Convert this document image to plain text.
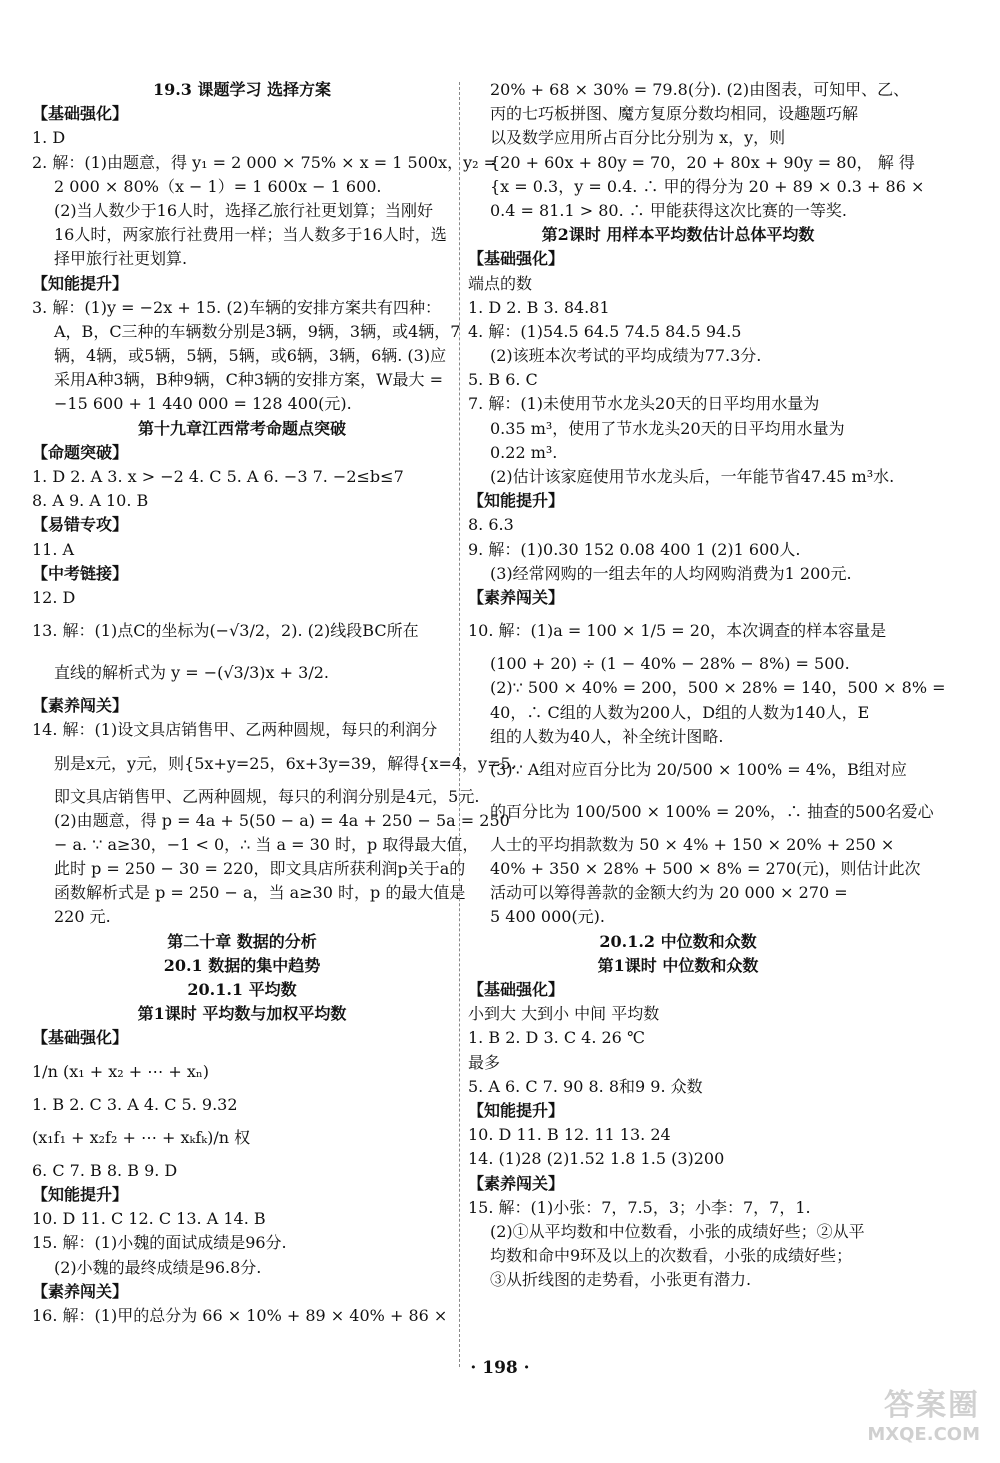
19.3 课题学习 选择方案
【基础强化】
1. D
2. 解：(1)由题意，得 y₁ = 2 000 × 75% × x = 1 500x，y₂ =
2 000 × 80%（x − 1）= 1 600x − 1 600.
(2)当人数少于16人时，选择乙旅行社更划算；当刚好
16人时，两家旅行社费用一样；当人数多于16人时，选
择甲旅行社更划算.
【知能提升】
3. 解：(1)y = −2x + 15. (2)车辆的安排方案共有四种：
A，B，C三种的车辆数分别是3辆，9辆，3辆，或4辆，7
辆，4辆，或5辆，5辆，5辆，或6辆，3辆，6辆. (3)应
采用A种3辆，B种9辆，C种3辆的安排方案，W最大 =
−15 600 + 1 440 000 = 128 400(元).
第十九章江西常考命题点突破
【命题突破】
1. D 2. A 3. x > −2 4. C 5. A 6. −3 7. −2≤b≤7
8. A 9. A 10. B
【易错专攻】
11. A
【中考链接】
12. D
13. 解：(1)点C的坐标为(−√3/2，2). (2)线段BC所在
直线的解析式为 y = −(√3/3)x + 3/2.
【素养闯关】
14. 解：(1)设文具店销售甲、乙两种圆规，每只的利润分
别是x元，y元，则{5x+y=25，6x+3y=39，解得{x=4，y=5.
即文具店销售甲、乙两种圆规，每只的利润分别是4元，5元.
(2)由题意，得 p = 4a + 5(50 − a) = 4a + 250 − 5a = 250
− a. ∵ a≥30，−1 < 0，∴ 当 a = 30 时，p 取得最大值，
此时 p = 250 − 30 = 220，即文具店所获利润p关于a的
函数解析式是 p = 250 − a，当 a≥30 时，p 的最大值是
220 元.
第二十章 数据的分析
20.1 数据的集中趋势
20.1.1 平均数
第1课时 平均数与加权平均数
【基础强化】
1/n (x₁ + x₂ + ⋯ + xₙ)
1. B 2. C 3. A 4. C 5. 9.32
(x₁f₁ + x₂f₂ + ⋯ + xₖfₖ)/n 权
6. C 7. B 8. B 9. D
【知能提升】
10. D 11. C 12. C 13. A 14. B
15. 解：(1)小魏的面试成绩是96分.
(2)小魏的最终成绩是96.8分.
【素养闯关】
16. 解：(1)甲的总分为 66 × 10% + 89 × 40% + 86 ×
20% + 68 × 30% = 79.8(分). (2)由图表，可知甲、乙、
丙的七巧板拼图、魔方复原分数均相同，设趣题巧解
以及数学应用所占百分比分别为 x，y，则
{20 + 60x + 80y = 70，20 + 80x + 90y = 80， 解 得
{x = 0.3，y = 0.4. ∴ 甲的得分为 20 + 89 × 0.3 + 86 ×
0.4 = 81.1 > 80. ∴ 甲能获得这次比赛的一等奖.
第2课时 用样本平均数估计总体平均数
【基础强化】
端点的数
1. D 2. B 3. 84.81
4. 解：(1)54.5 64.5 74.5 84.5 94.5
(2)该班本次考试的平均成绩为77.3分.
5. B 6. C
7. 解：(1)未使用节水龙头20天的日平均用水量为
0.35 m³，使用了节水龙头20天的日平均用水量为
0.22 m³.
(2)估计该家庭使用节水龙头后，一年能节省47.45 m³水.
【知能提升】
8. 6.3
9. 解：(1)0.30 152 0.08 400 1 (2)1 600人.
(3)经常网购的一组去年的人均网购消费为1 200元.
【素养闯关】
10. 解：(1)a = 100 × 1/5 = 20，本次调查的样本容量是
(100 + 20) ÷ (1 − 40% − 28% − 8%) = 500.
(2)∵ 500 × 40% = 200，500 × 28% = 140，500 × 8% =
40，∴ C组的人数为200人，D组的人数为140人，E
组的人数为40人，补全统计图略.
(3)∵ A组对应百分比为 20/500 × 100% = 4%，B组对应
的百分比为 100/500 × 100% = 20%，∴ 抽查的500名爱心
人士的平均捐款数为 50 × 4% + 150 × 20% + 250 ×
40% + 350 × 28% + 500 × 8% = 270(元)，则估计此次
活动可以筹得善款的金额大约为 20 000 × 270 =
5 400 000(元).
20.1.2 中位数和众数
第1课时 中位数和众数
【基础强化】
小到大 大到小 中间 平均数
1. B 2. D 3. C 4. 26 ℃
最多
5. A 6. C 7. 90 8. 8和9 9. 众数
【知能提升】
10. D 11. B 12. 11 13. 24
14. (1)28 (2)1.52 1.8 1.5 (3)200
【素养闯关】
15. 解：(1)小张：7，7.5，3；小李：7，7，1.
(2)①从平均数和中位数看，小张的成绩好些；②从平
均数和命中9环及以上的次数看，小张的成绩好些；
③从折线图的走势看，小张更有潜力.
· 198 ·
答案圈
MXQE.COM
